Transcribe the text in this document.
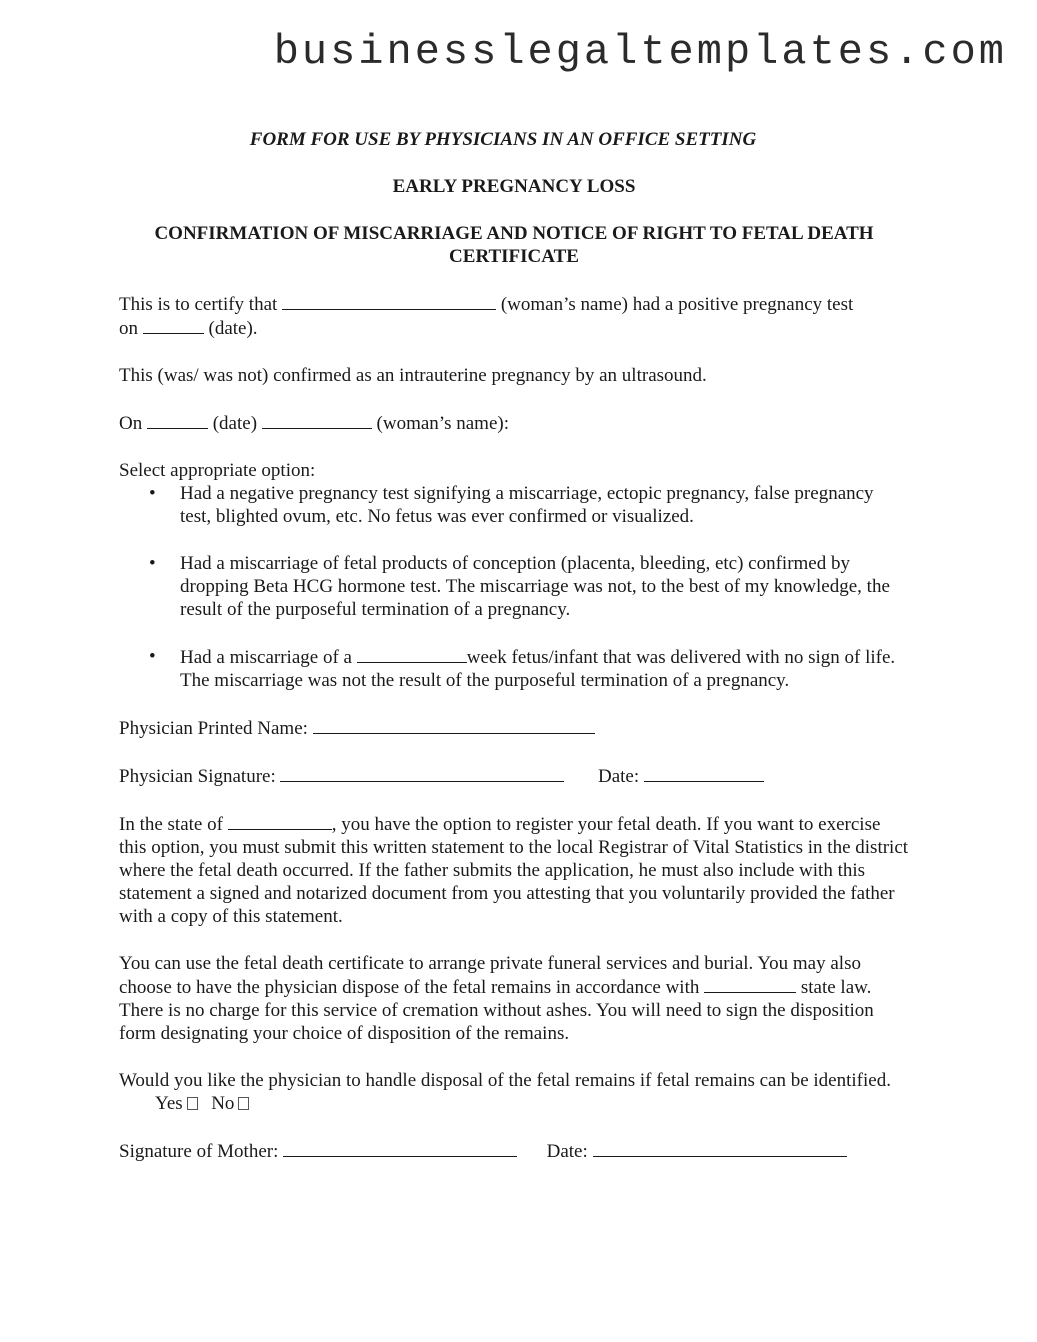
businesslegaltemplates.com
FORM FOR USE BY PHYSICIANS IN AN OFFICE SETTING
EARLY PREGNANCY LOSS
CONFIRMATION OF MISCARRIAGE AND NOTICE OF RIGHT TO FETAL DEATH
CERTIFICATE

This is to certify that	(woman’s name) had a positive pregnancy test
on	(date).

This (was/ was not) confirmed as an intrauterine pregnancy by an ultrasound.

On	(date)	(woman’s name):

Select appropriate option:
• Had a negative pregnancy test signifying a miscarriage, ectopic pregnancy, false pregnancy test, blighted ovum, etc. No fetus was ever confirmed or visualized.
• Had a miscarriage of fetal products of conception (placenta, bleeding, etc) confirmed by dropping Beta HCG hormone test. The miscarriage was not, to the best of my knowledge, the result of the purposeful termination of a pregnancy.
• Had a miscarriage of a	week fetus/infant that was delivered with no sign of life. The miscarriage was not the result of the purposeful termination of a pregnancy.

Physician Printed Name:

Physician Signature:	Date:

In the state of	, you have the option to register your fetal death. If you want to exercise this option, you must submit this written statement to the local Registrar of Vital Statistics in the district where the fetal death occurred. If the father submits the application, he must also include with this statement a signed and notarized document from you attesting that you voluntarily provided the father with a copy of this statement.

You can use the fetal death certificate to arrange private funeral services and burial. You may also choose to have the physician dispose of the fetal remains in accordance with	state law. There is no charge for this service of cremation without ashes. You will need to sign the disposition form designating your choice of disposition of the remains.

Would you like the physician to handle disposal of the fetal remains if fetal remains can be identified.  Yes No

Signature of Mother:	Date:
